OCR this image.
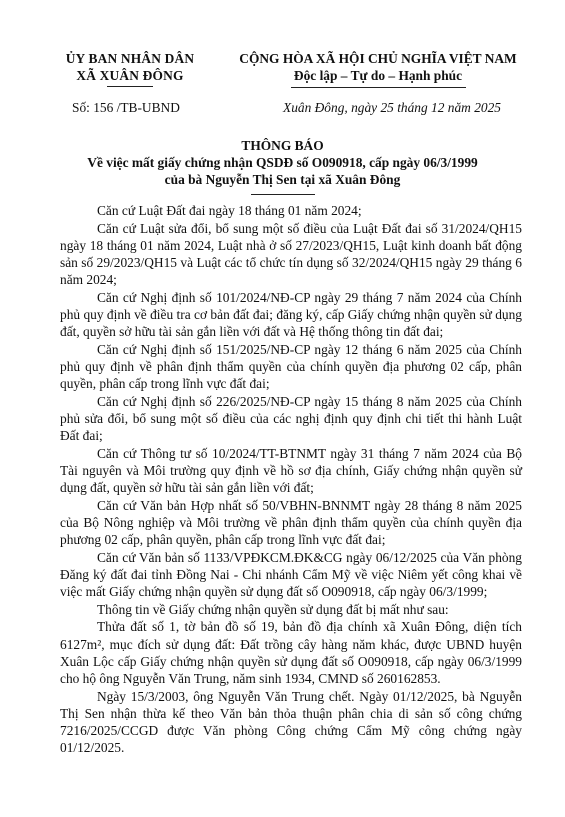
ỦY BAN NHÂN DÂN
XÃ XUÂN ĐÔNG
CỘNG HÒA XÃ HỘI CHỦ NGHĨA VIỆT NAM
Độc lập – Tự do – Hạnh phúc
Số: 156 /TB-UBND	Xuân Đông, ngày 25 tháng 12 năm 2025
THÔNG BÁO
Về việc mất giấy chứng nhận QSDĐ số O090918, cấp ngày 06/3/1999
của bà Nguyễn Thị Sen tại xã Xuân Đông

Căn cứ Luật Đất đai ngày 18 tháng 01 năm 2024;

Căn cứ Luật sửa đổi, bổ sung một số điều của Luật Đất đai số 31/2024/QH15 ngày 18 tháng 01 năm 2024, Luật nhà ở số 27/2023/QH15, Luật kinh doanh bất động sản số 29/2023/QH15 và Luật các tổ chức tín dụng số 32/2024/QH15 ngày 29 tháng 6 năm 2024;

Căn cứ Nghị định số 101/2024/NĐ-CP ngày 29 tháng 7 năm 2024 của Chính phủ quy định về điều tra cơ bản đất đai; đăng ký, cấp Giấy chứng nhận quyền sử dụng đất, quyền sở hữu tài sản gắn liền với đất và Hệ thống thông tin đất đai;

Căn cứ Nghị định số 151/2025/NĐ-CP ngày 12 tháng 6 năm 2025 của Chính phủ quy định về phân định thẩm quyền của chính quyền địa phương 02 cấp, phân quyền, phân cấp trong lĩnh vực đất đai;

Căn cứ Nghị định số 226/2025/NĐ-CP ngày 15 tháng 8 năm 2025 của Chính phủ sửa đổi, bổ sung một số điều của các nghị định quy định chi tiết thi hành Luật Đất đai;

Căn cứ Thông tư số 10/2024/TT-BTNMT ngày 31 tháng 7 năm 2024 của Bộ Tài nguyên và Môi trường quy định về hồ sơ địa chính, Giấy chứng nhận quyền sử dụng đất, quyền sở hữu tài sản gắn liền với đất;

Căn cứ Văn bản Hợp nhất số 50/VBHN-BNNMT ngày 28 tháng 8 năm 2025 của Bộ Nông nghiệp và Môi trường về phân định thẩm quyền của chính quyền địa phương 02 cấp, phân quyền, phân cấp trong lĩnh vực đất đai;

Căn cứ Văn bản số 1133/VPĐKCM.ĐK&CG ngày 06/12/2025 của Văn phòng Đăng ký đất đai tỉnh Đồng Nai - Chi nhánh Cẩm Mỹ về việc Niêm yết công khai về việc mất Giấy chứng nhận quyền sử dụng đất số O090918, cấp ngày 06/3/1999;

Thông tin về Giấy chứng nhận quyền sử dụng đất bị mất như sau:

Thửa đất số 1, tờ bản đồ số 19, bản đồ địa chính xã Xuân Đông, diện tích 6127m², mục đích sử dụng đất: Đất trồng cây hàng năm khác, được UBND huyện Xuân Lộc cấp Giấy chứng nhận quyền sử dụng đất số O090918, cấp ngày 06/3/1999 cho hộ ông Nguyễn Văn Trung, năm sinh 1934, CMND số 260162853.

Ngày 15/3/2003, ông Nguyễn Văn Trung chết. Ngày 01/12/2025, bà Nguyễn Thị Sen nhận thừa kế theo Văn bản thỏa thuận phân chia di sản số công chứng 7216/2025/CCGD được Văn phòng Công chứng Cẩm Mỹ công chứng ngày 01/12/2025.
